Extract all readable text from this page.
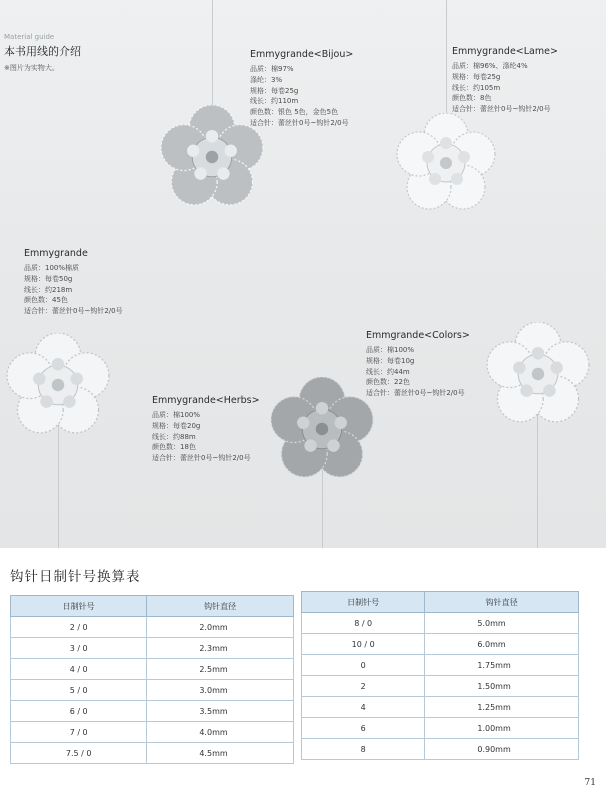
Material guide

本书用线的介绍

※图片为实物大。

Emmygrande<Bijou>
品质：棉97%
涤纶：3%
规格：每卷25g
线长：约110m
颜色数：银色 5色，金色5色
适合针：蕾丝针0号~钩针2/0号
Emmygrande<Lame>
品质：棉96%、涤纶4%
规格：每卷25g
线长：约105m
颜色数：8色
适合针：蕾丝针0号~钩针2/0号
Emmygrande
品质：100%棉质
规格：每卷50g
线长：约218m
颜色数：45色
适合针：蕾丝针0号~钩针2/0号
Emmgrande<Colors>
品质：棉100%
规格：每卷10g
线长：约44m
颜色数：22色
适合针：蕾丝针0号~钩针2/0号
Emmygrande<Herbs>
品质：棉100%
规格：每卷20g
线长：约88m
颜色数：18色
适合针：蕾丝针0号~钩针2/0号
钩针日制针号换算表
日制针号	钩针直径
2 / 0	2.0mm
3 / 0	2.3mm
4 / 0	2.5mm
5 / 0	3.0mm
6 / 0	3.5mm
7 / 0	4.0mm
7.5 / 0	4.5mm
日制针号	钩针直径
8 / 0	5.0mm
10 / 0	6.0mm
0	1.75mm
2	1.50mm
4	1.25mm
6	1.00mm
8	0.90mm
71
